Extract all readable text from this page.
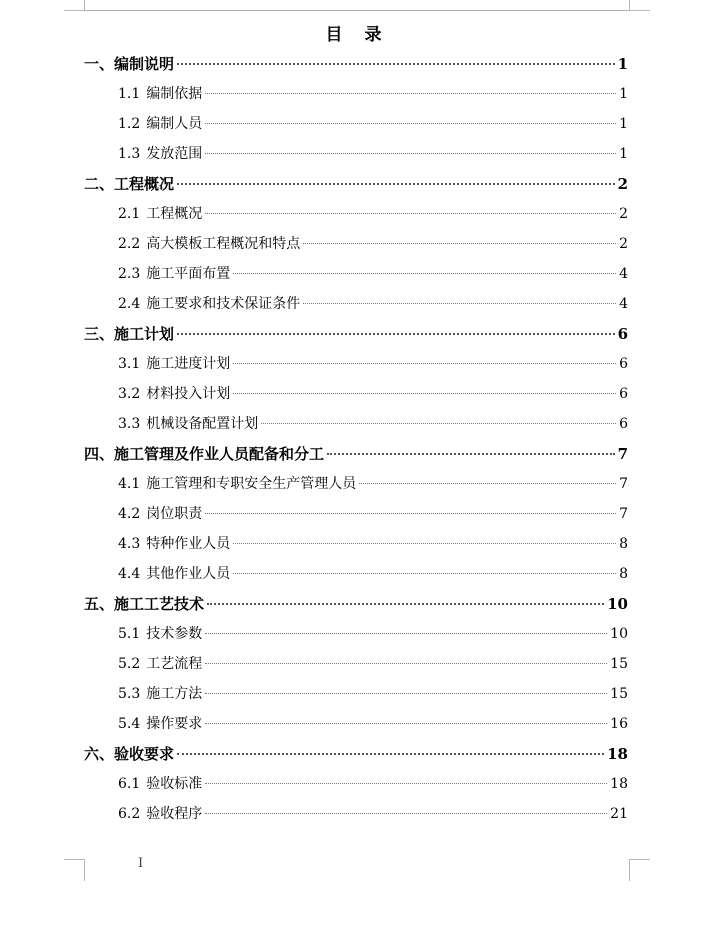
目 录
一、 编制说明	1
1.1 编制依据	1
1.2 编制人员	1
1.3 发放范围	1
二、 工程概况	2
2.1 工程概况	2
2.2 高大模板工程概况和特点	2
2.3 施工平面布置	4
2.4 施工要求和技术保证条件	4
三、 施工计划	6
3.1 施工进度计划	6
3.2 材料投入计划	6
3.3 机械设备配置计划	6
四、 施工管理及作业人员配备和分工	7
4.1 施工管理和专职安全生产管理人员	7
4.2 岗位职责	7
4.3 特种作业人员	8
4.4 其他作业人员	8
五、 施工工艺技术	10
5.1 技术参数	10
5.2 工艺流程	15
5.3 施工方法	15
5.4 操作要求	16
六、 验收要求	18
6.1 验收标准	18
6.2 验收程序	21
I
